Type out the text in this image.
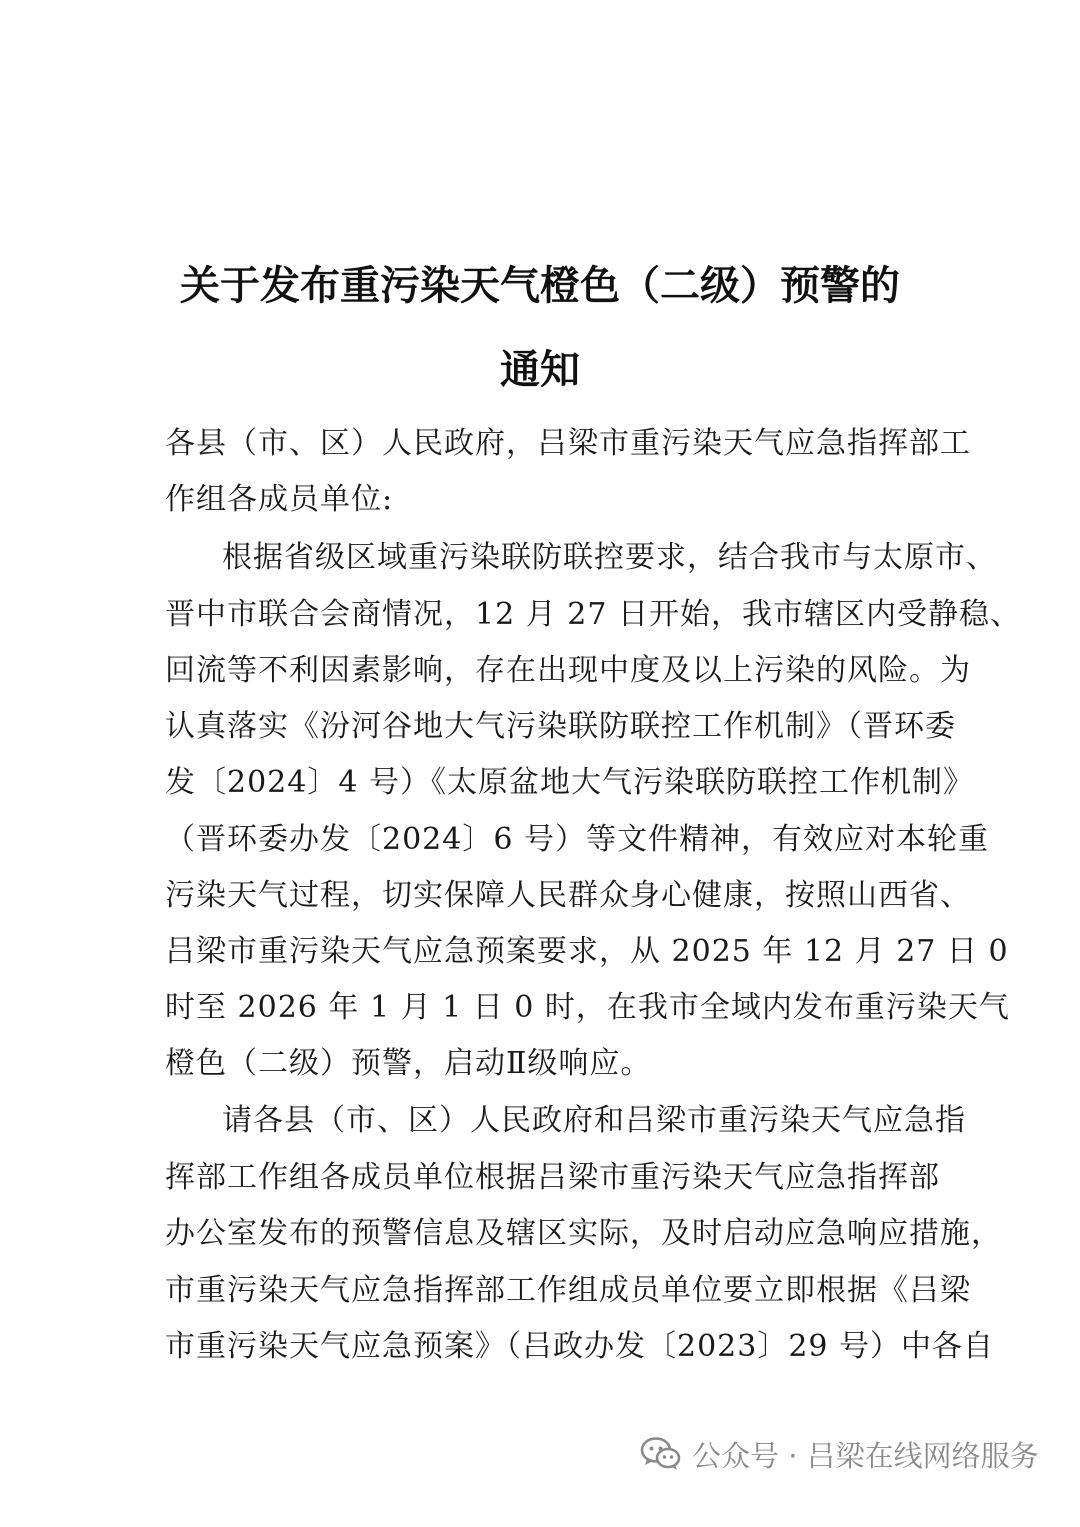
关于发布重污染天气橙色（二级）预警的
通知
各县（市、区）人民政府，吕梁市重污染天气应急指挥部工
作组各成员单位:
根据省级区域重污染联防联控要求，结合我市与太原市、
晋中市联合会商情况，12 月 27 日开始，我市辖区内受静稳、
回流等不利因素影响，存在出现中度及以上污染的风险。为
认真落实《汾河谷地大气污染联防联控工作机制》（晋环委
发〔2024〕4 号）《太原盆地大气污染联防联控工作机制》
（晋环委办发〔2024〕6 号）等文件精神，有效应对本轮重
污染天气过程，切实保障人民群众身心健康，按照山西省、
吕梁市重污染天气应急预案要求，从 2025 年 12 月 27 日 0
时至 2026 年 1 月 1 日 0 时，在我市全域内发布重污染天气
橙色（二级）预警，启动Ⅱ级响应。
请各县（市、区）人民政府和吕梁市重污染天气应急指
挥部工作组各成员单位根据吕梁市重污染天气应急指挥部
办公室发布的预警信息及辖区实际，及时启动应急响应措施，
市重污染天气应急指挥部工作组成员单位要立即根据《吕梁
市重污染天气应急预案》（吕政办发〔2023〕29 号）中各自
公众号 · 吕梁在线网络服务
